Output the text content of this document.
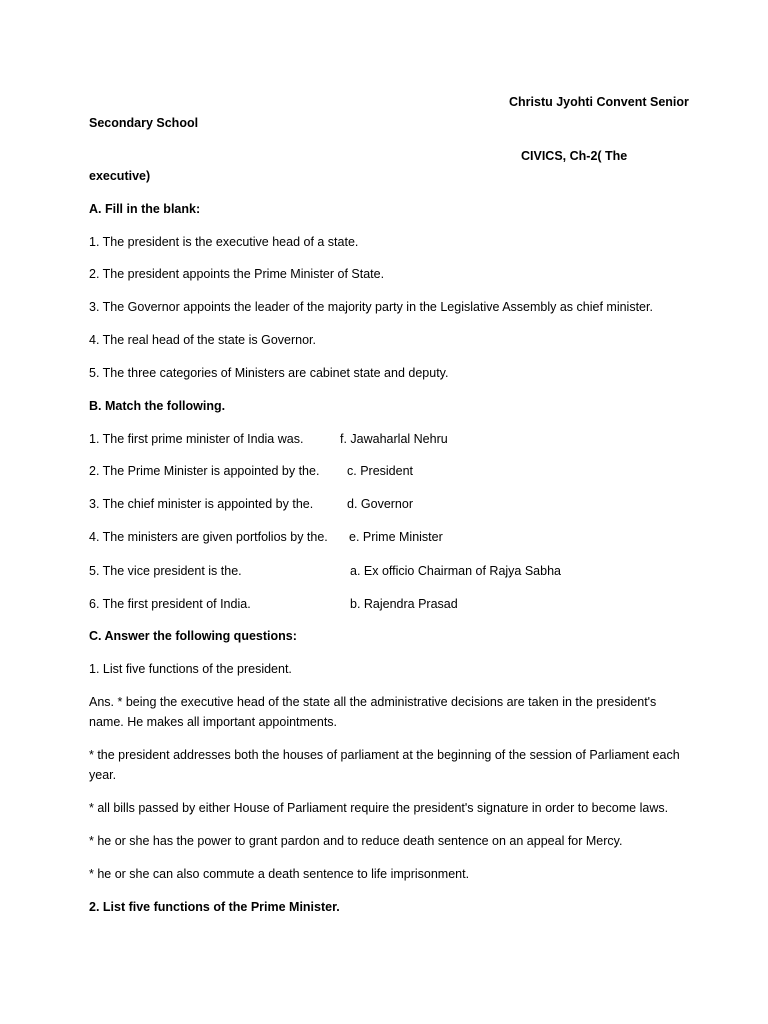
Christu Jyohti Convent Senior
Secondary School
CIVICS, Ch-2( The
executive)
A. Fill in the blank:
1. The president is the executive head of a state.
2. The president appoints the Prime Minister of State.
3. The Governor appoints the leader of the majority party in the Legislative Assembly as chief minister.
4. The real head of the state is Governor.
5. The three categories of Ministers are cabinet state and deputy.
B. Match the following.
1. The first prime minister of India was.	f. Jawaharlal Nehru
2. The Prime Minister is appointed by the. c. President
3. The chief minister is appointed by the.	d. Governor
4. The ministers are given portfolios by the. e. Prime Minister
5. The vice president is the.	a. Ex officio Chairman of Rajya Sabha
6. The first president of India.	b. Rajendra Prasad
C. Answer the following questions:
1. List five functions of the president.
Ans. * being the executive head of the state all the administrative decisions are taken in the president's name. He makes all important appointments.
* the president addresses both the houses of parliament at the beginning of the session of Parliament each year.
* all bills passed by either House of Parliament require the president's signature in order to become laws.
* he or she has the power to grant pardon and to reduce death sentence on an appeal for Mercy.
* he or she can also commute a death sentence to life imprisonment.
2. List five functions of the Prime Minister.
